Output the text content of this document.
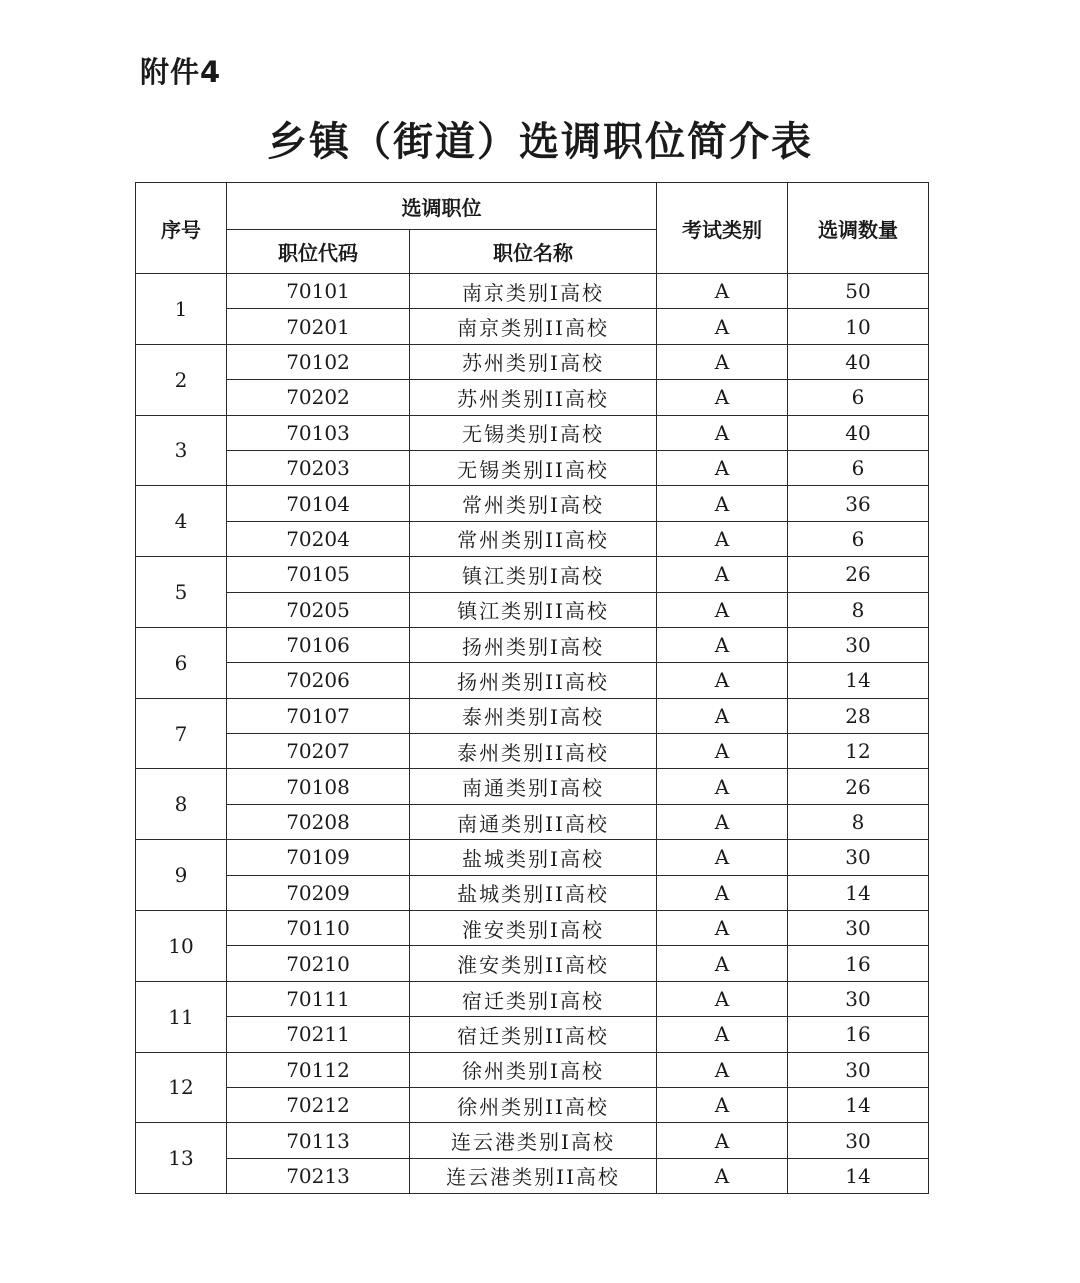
附件4
乡镇（街道）选调职位简介表
序号	选调职位		考试类别	选调数量
	职位代码	职位名称		
1	70101	南京类别I高校	A	50
	70201	南京类别II高校	A	10
2	70102	苏州类别I高校	A	40
	70202	苏州类别II高校	A	6
3	70103	无锡类别I高校	A	40
	70203	无锡类别II高校	A	6
4	70104	常州类别I高校	A	36
	70204	常州类别II高校	A	6
5	70105	镇江类别I高校	A	26
	70205	镇江类别II高校	A	8
6	70106	扬州类别I高校	A	30
	70206	扬州类别II高校	A	14
7	70107	泰州类别I高校	A	28
	70207	泰州类别II高校	A	12
8	70108	南通类别I高校	A	26
	70208	南通类别II高校	A	8
9	70109	盐城类别I高校	A	30
	70209	盐城类别II高校	A	14
10	70110	淮安类别I高校	A	30
	70210	淮安类别II高校	A	16
11	70111	宿迁类别I高校	A	30
	70211	宿迁类别II高校	A	16
12	70112	徐州类别I高校	A	30
	70212	徐州类别II高校	A	14
13	70113	连云港类别I高校	A	30
	70213	连云港类别II高校	A	14
